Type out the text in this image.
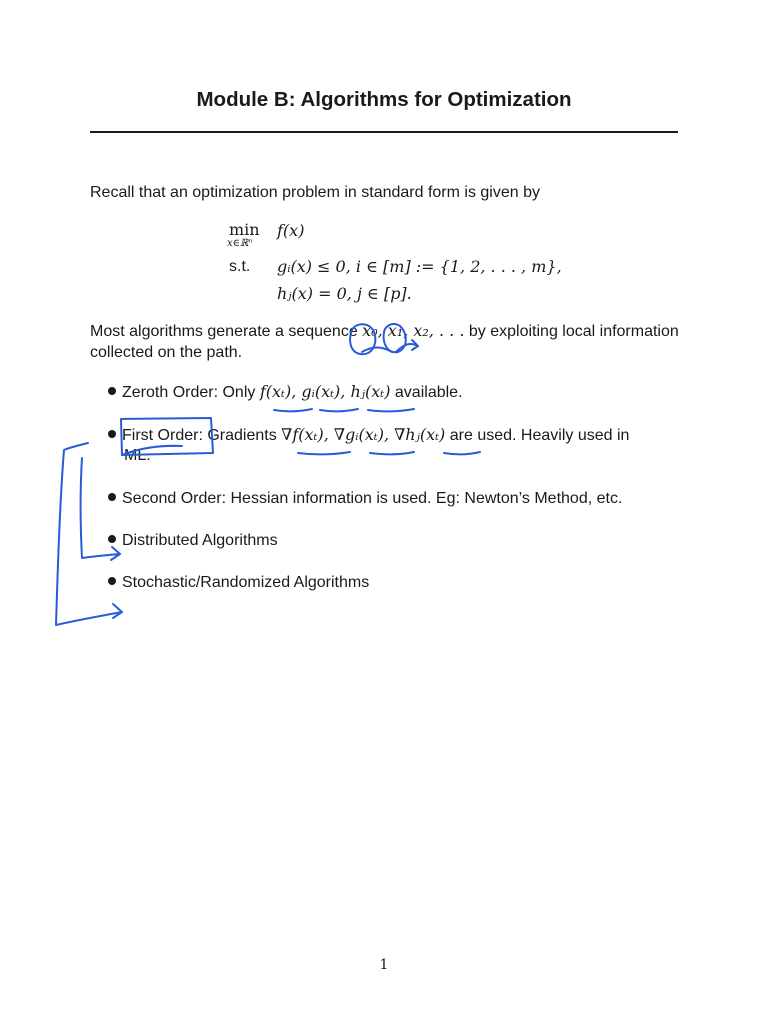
Module B: Algorithms for Optimization
Recall that an optimization problem in standard form is given by
min
x∈ℝⁿ
f(x)
s.t. gᵢ(x) ≤ 0, i ∈ [m] := {1, 2, . . . , m},
hⱼ(x) = 0, j ∈ [p].
Most algorithms generate a sequence x₀, x₁, x₂, . . . by exploiting local information
collected on the path.
Zeroth Order: Only f(xₜ), gᵢ(xₜ), hⱼ(xₜ) available.
First Order: Gradients ∇f(xₜ), ∇gᵢ(xₜ), ∇hⱼ(xₜ) are used. Heavily used in
ML.
Second Order: Hessian information is used. Eg: Newton’s Method, etc.
Distributed Algorithms
Stochastic/Randomized Algorithms
1
